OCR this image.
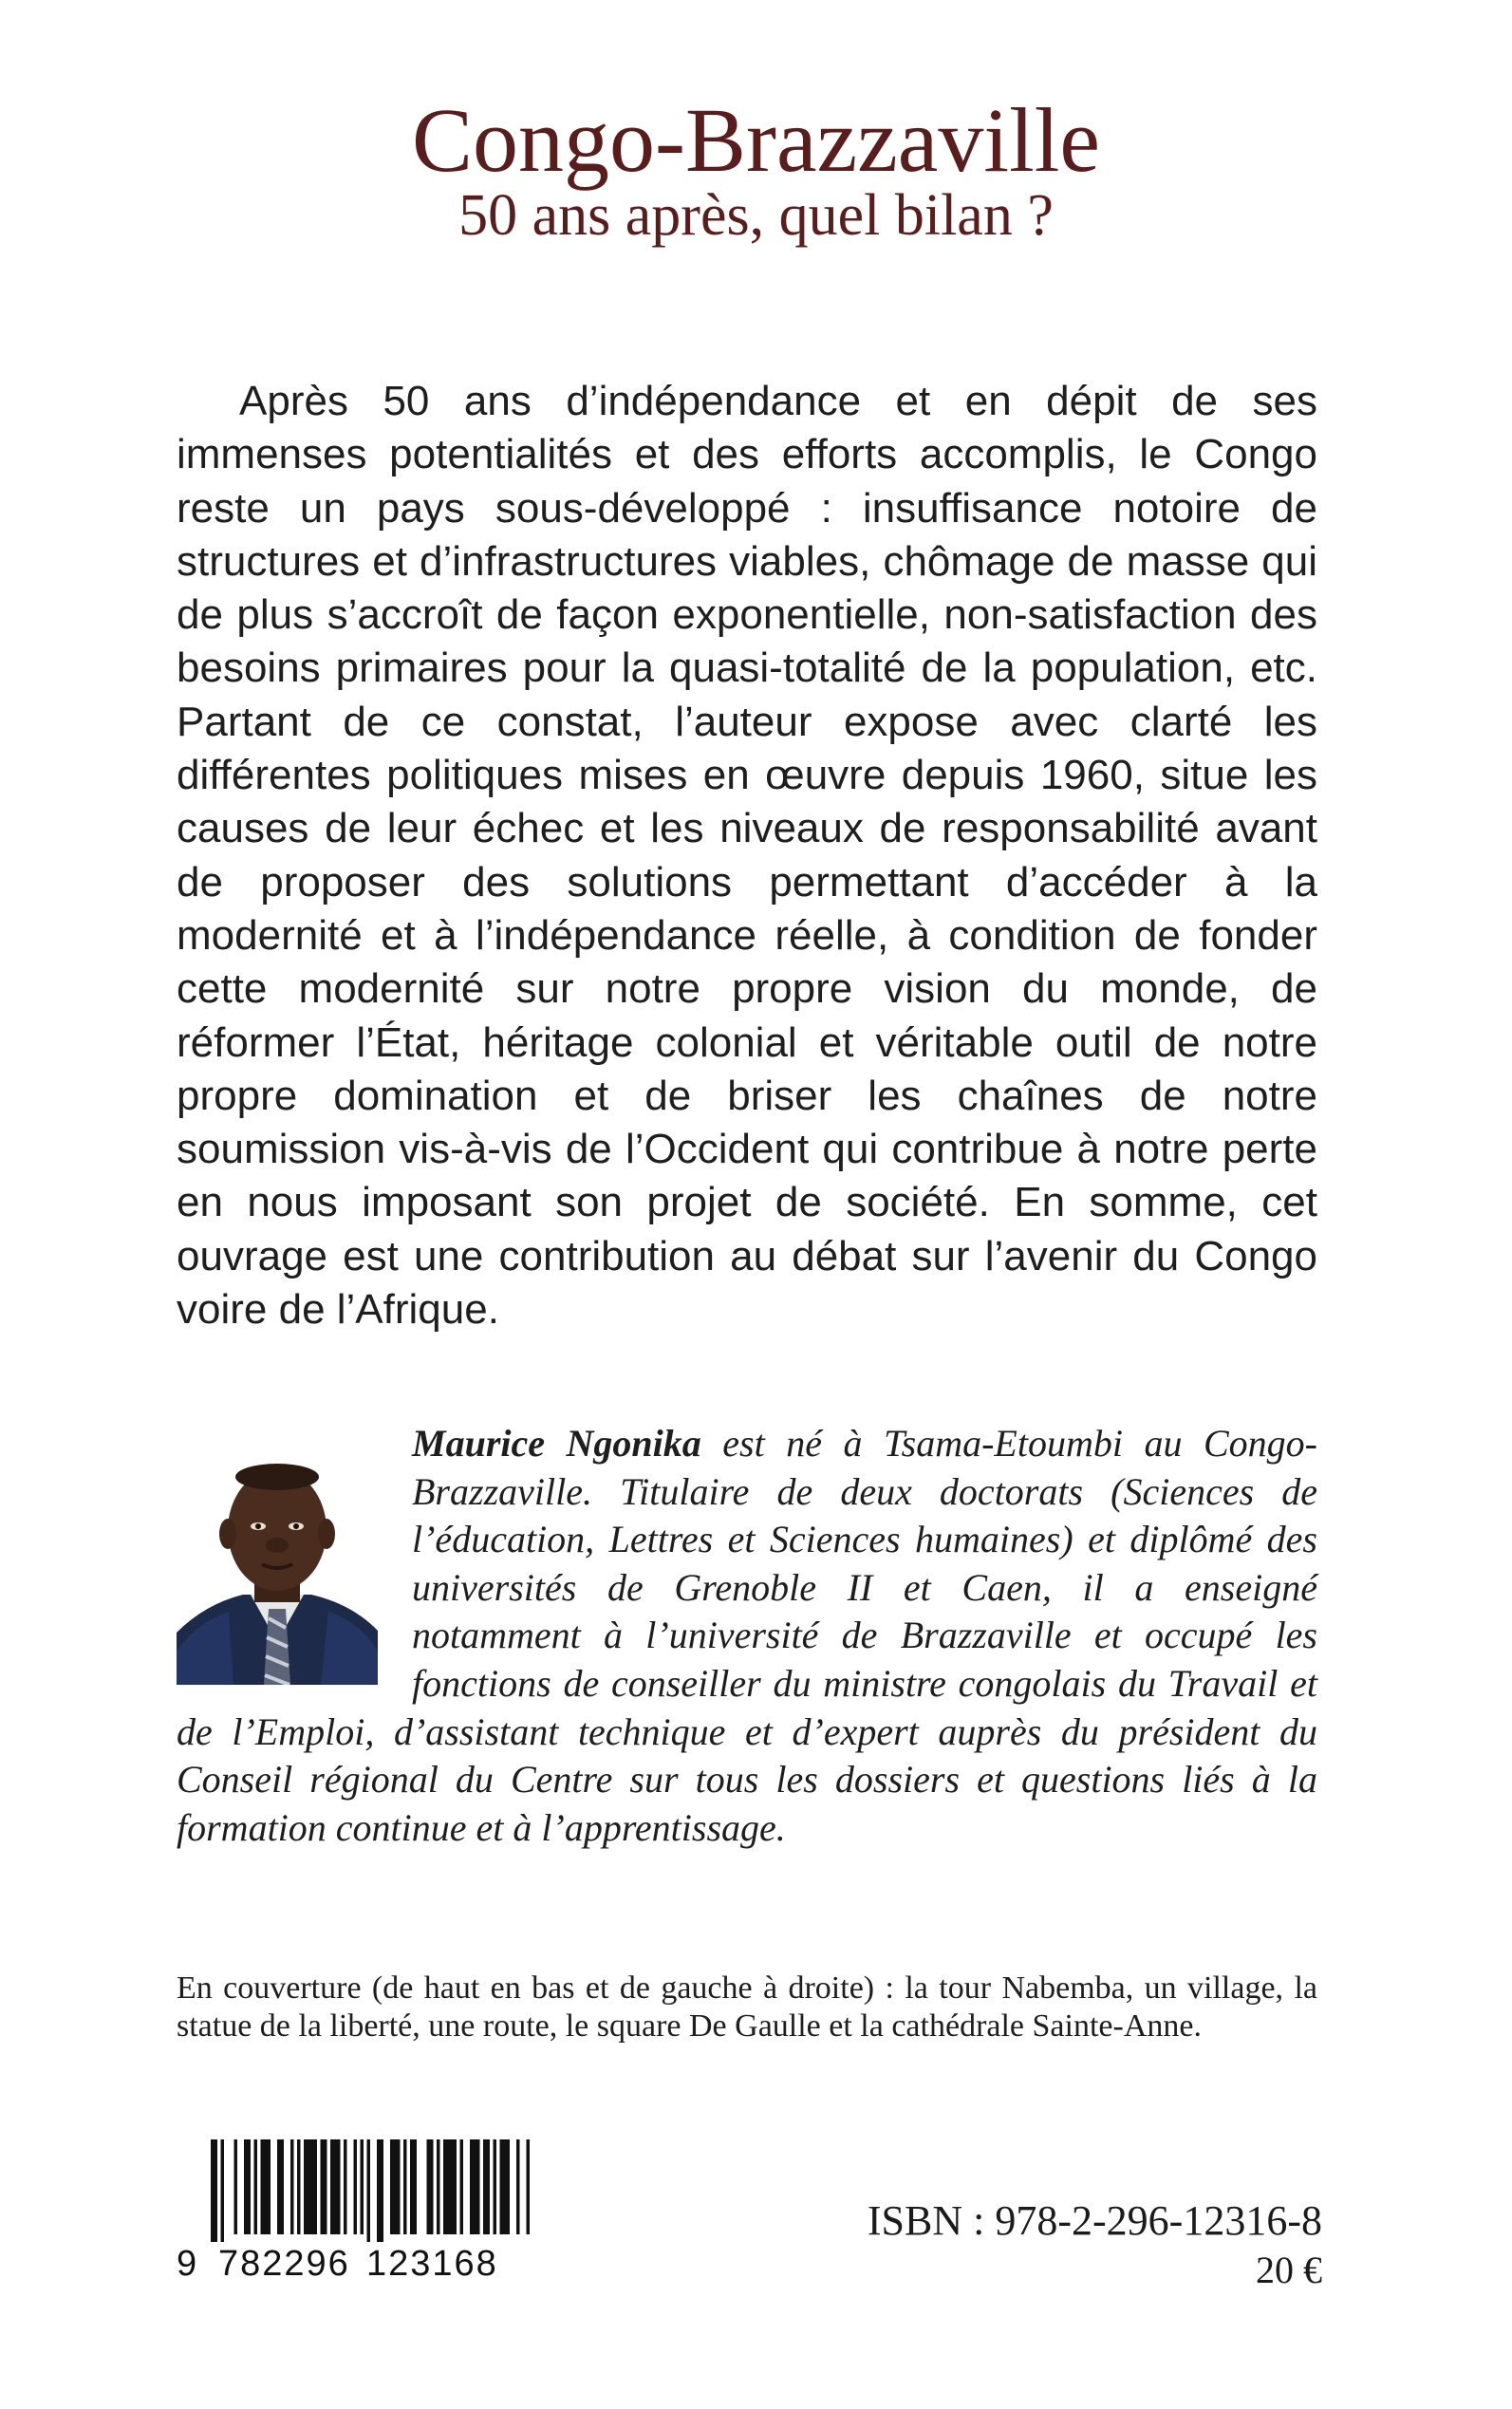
Congo-Brazzaville
50 ans après, quel bilan ?

Après 50 ans d’indépendance et en dépit de ses immenses potentialités et des efforts accomplis, le Congo reste un pays sous-développé : insuffisance notoire de structures et d’infrastructures viables, chômage de masse qui de plus s’accroît de façon exponentielle, non-satisfaction des besoins primaires pour la quasi-totalité de la population, etc. Partant de ce constat, l’auteur expose avec clarté les différentes politiques mises en œuvre depuis 1960, situe les causes de leur échec et les niveaux de responsabilité avant de proposer des solutions permettant d’accéder à la modernité et à l’indépendance réelle, à condition de fonder cette modernité sur notre propre vision du monde, de réformer l’État, héritage colonial et véritable outil de notre propre domination et de briser les chaînes de notre soumission vis-à-vis de l’Occident qui contribue à notre perte en nous imposant son projet de société. En somme, cet ouvrage est une contribution au débat sur l’avenir du Congo voire de l’Afrique.

Maurice Ngonika est né à Tsama-Etoumbi au Congo-Brazzaville. Titulaire de deux doctorats (Sciences de l’éducation, Lettres et Sciences humaines) et diplômé des universités de Grenoble II et Caen, il a enseigné notamment à l’université de Brazzaville et occupé les fonctions de conseiller du ministre congolais du Travail et de l’Emploi, d’assistant technique et d’expert auprès du président du Conseil régional du Centre sur tous les dossiers et questions liés à la formation continue et à l’apprentissage.

En couverture (de haut en bas et de gauche à droite) : la tour Nabemba, un village, la statue de la liberté, une route, le square De Gaulle et la cathédrale Sainte-Anne.

9 782296 123168
ISBN : 978-2-296-12316-8
20 €
